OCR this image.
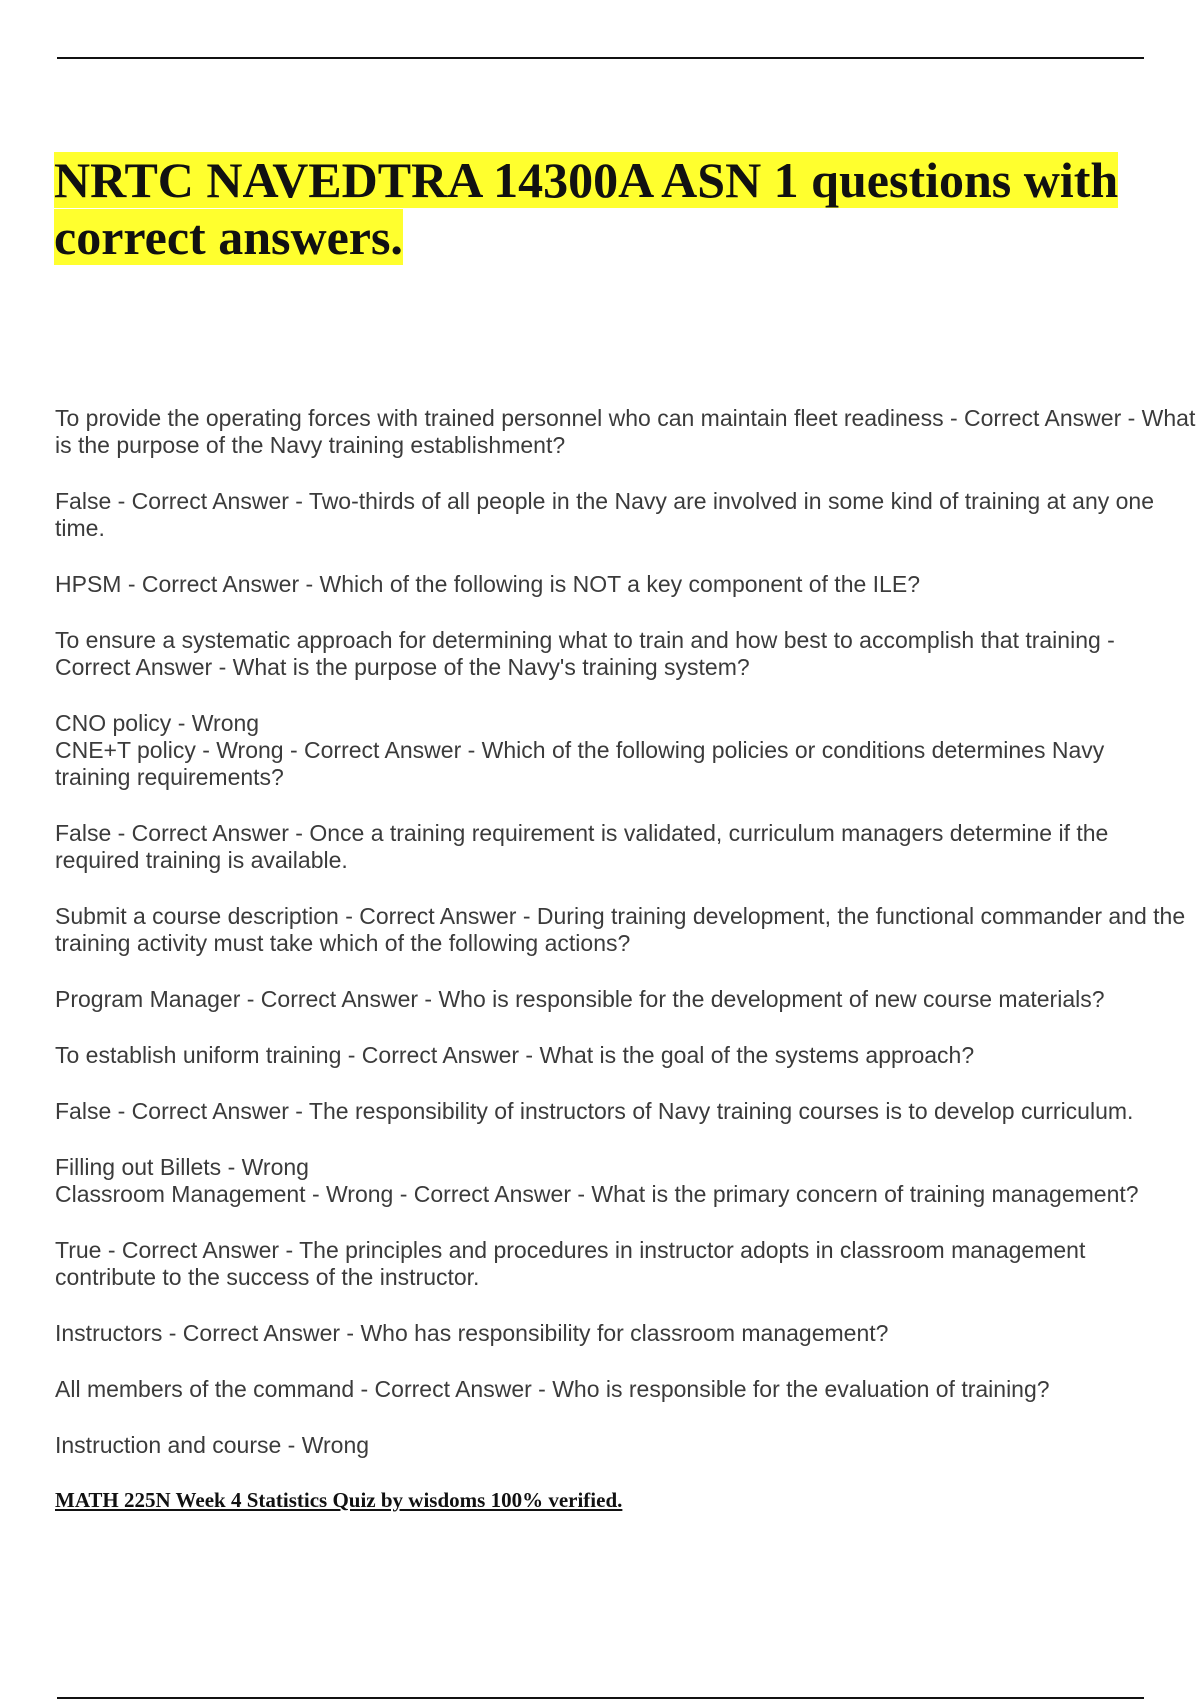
NRTC NAVEDTRA 14300A ASN 1 questions with correct answers.

To provide the operating forces with trained personnel who can maintain fleet readiness - Correct Answer - What is the purpose of the Navy training establishment?

False - Correct Answer - Two-thirds of all people in the Navy are involved in some kind of training at any one time.

HPSM - Correct Answer - Which of the following is NOT a key component of the ILE?

To ensure a systematic approach for determining what to train and how best to accomplish that training - Correct Answer - What is the purpose of the Navy's training system?

CNO policy - Wrong
CNE+T policy - Wrong - Correct Answer - Which of the following policies or conditions determines Navy training requirements?

False - Correct Answer - Once a training requirement is validated, curriculum managers determine if the required training is available.

Submit a course description - Correct Answer - During training development, the functional commander and the training activity must take which of the following actions?

Program Manager - Correct Answer - Who is responsible for the development of new course materials?

To establish uniform training - Correct Answer - What is the goal of the systems approach?

False - Correct Answer - The responsibility of instructors of Navy training courses is to develop curriculum.

Filling out Billets - Wrong
Classroom Management - Wrong - Correct Answer - What is the primary concern of training management?

True - Correct Answer - The principles and procedures in instructor adopts in classroom management contribute to the success of the instructor.

Instructors - Correct Answer - Who has responsibility for classroom management?

All members of the command - Correct Answer - Who is responsible for the evaluation of training?

Instruction and course - Wrong

MATH 225N Week 4 Statistics Quiz by wisdoms 100% verified.
